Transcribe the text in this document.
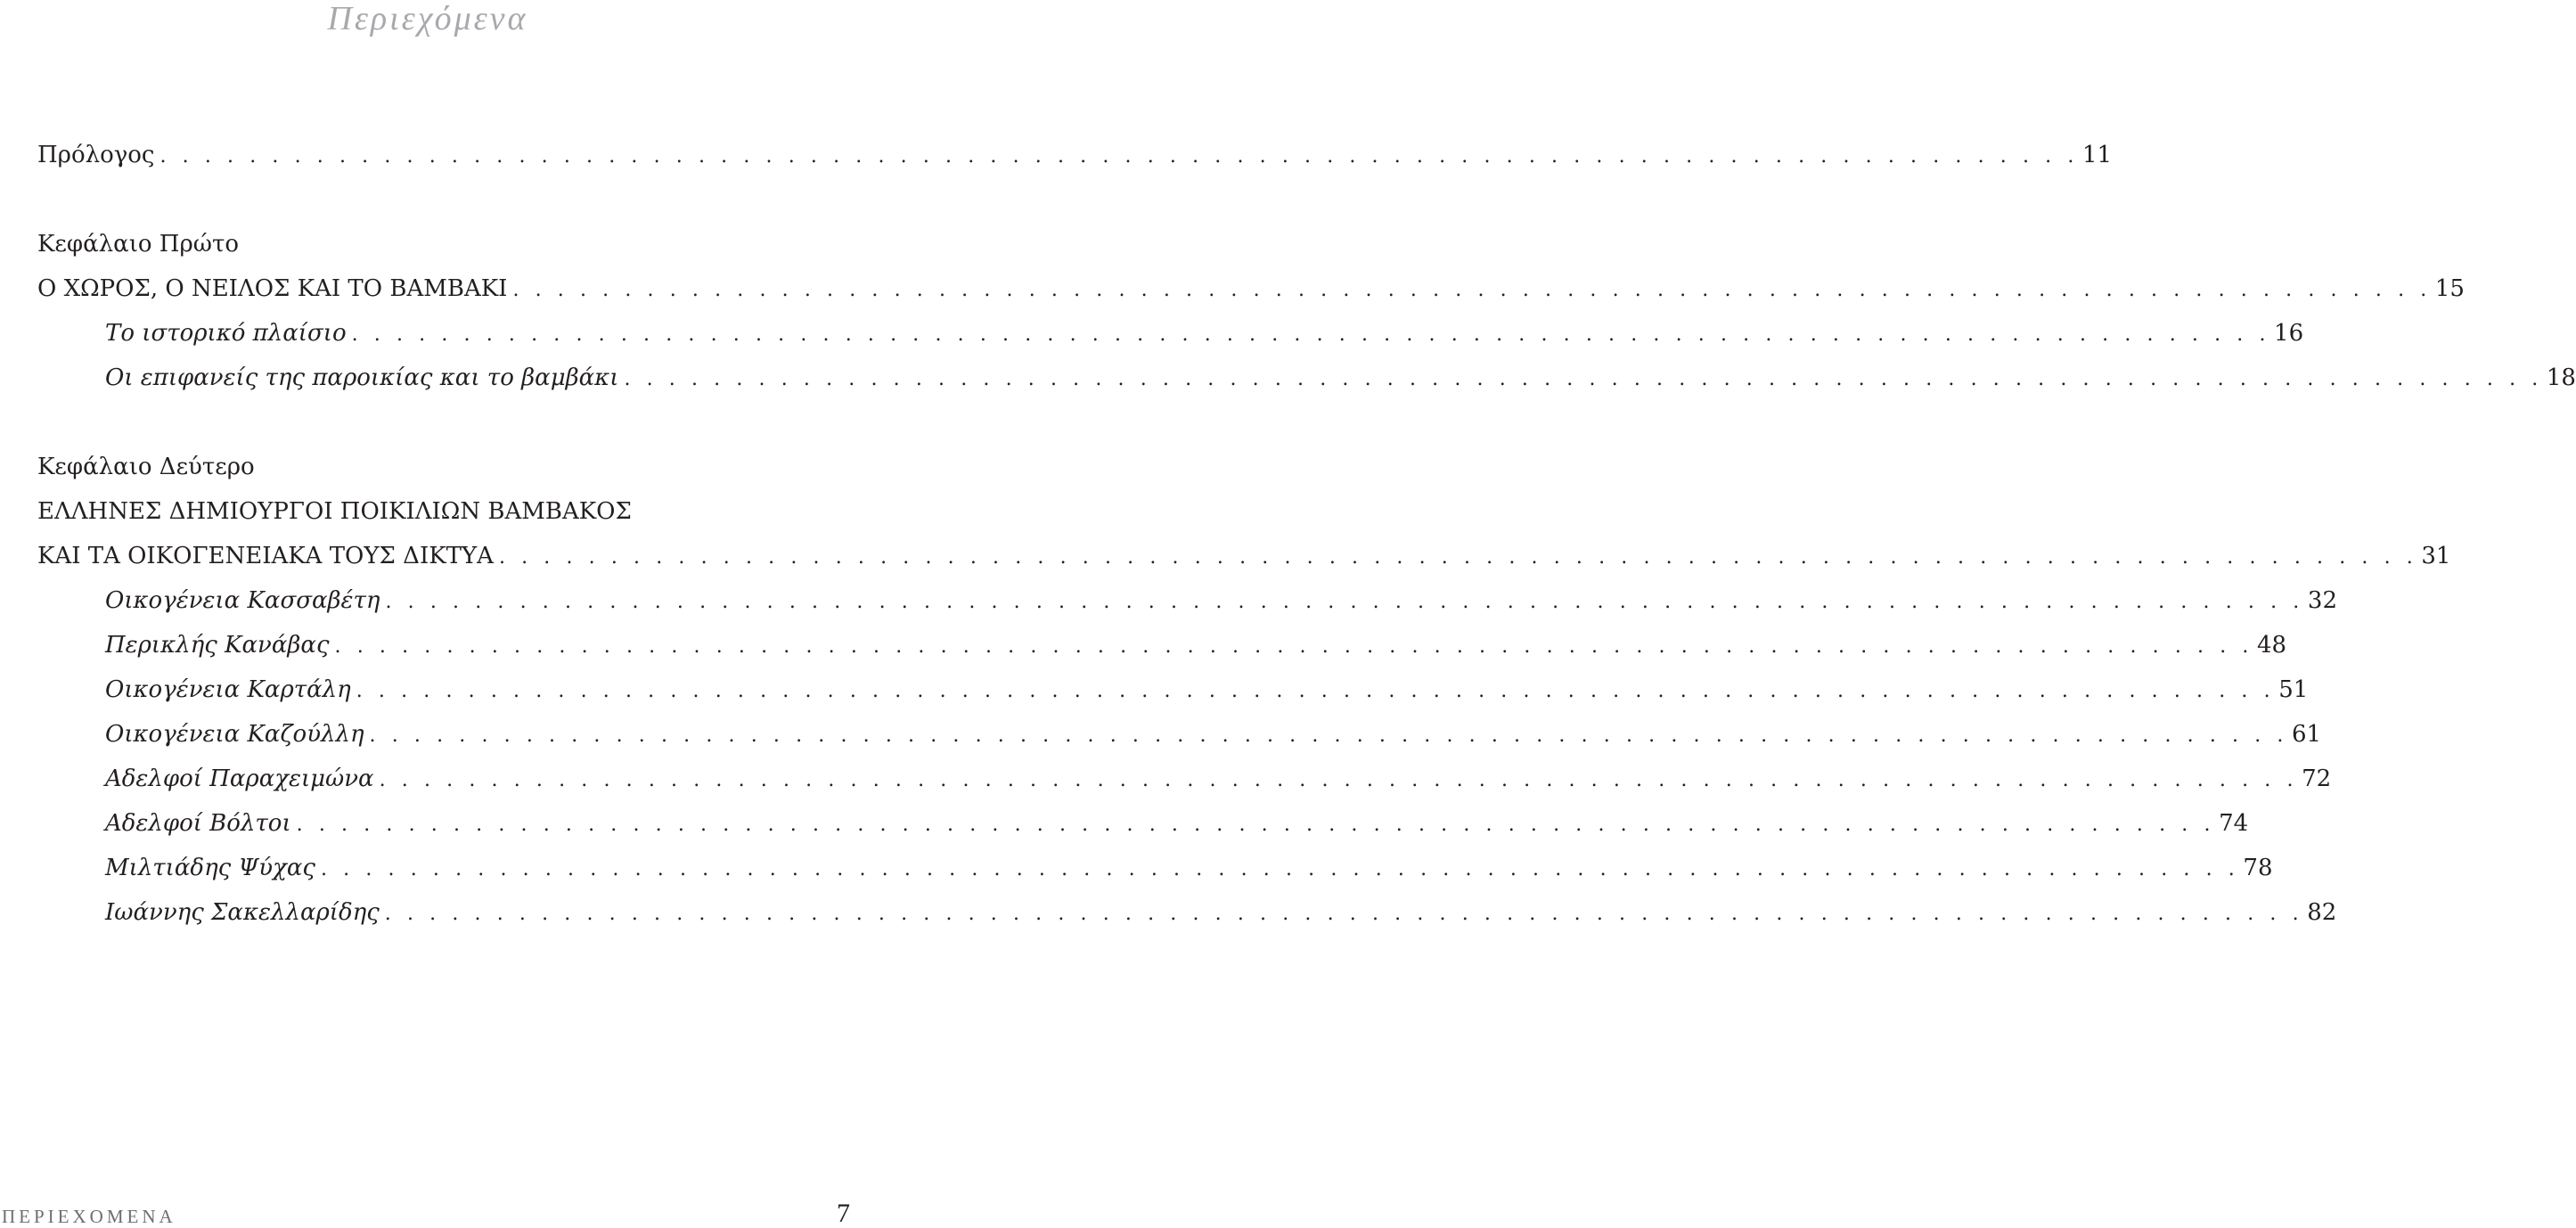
Περιεχόμενα
Πρόλογος . . . . . . . . . . . . . . . . . . . . . . . . . . . . . . . . . . . . . . . . . . . . . . . . . . . . . . . . . . . . . . . . . . . . . . . . . . . . . . . . . . . . . . 11
Κεφάλαιο Πρώτο
Ο ΧΩΡΟΣ, Ο ΝΕΙΛΟΣ ΚΑΙ ΤΟ ΒΑΜΒΑΚΙ . . . . . . . . . . . . . . . . . . . . . . . . . . . . . . . . . . . . . . . . . . . . . . . . . . . . . . . . . . . . . . . . . . . . . . . . . . . . . . . . . . . . . . 15
Το ιστορικό πλαίσιο . . . . . . . . . . . . . . . . . . . . . . . . . . . . . . . . . . . . . . . . . . . . . . . . . . . . . . . . . . . . . . . . . . . . . . . . . . . . . . . . . . . . . . 16
Οι επιφανείς της παροικίας και το βαμβάκι . . . . . . . . . . . . . . . . . . . . . . . . . . . . . . . . . . . . . . . . . . . . . . . . . . . . . . . . . . . . . . . . . . . . . . . . . . . . . . . . . . . . . . 18
Κεφάλαιο Δεύτερο
ΕΛΛΗΝΕΣ ΔΗΜΙΟΥΡΓΟΙ ΠΟΙΚΙΛΙΩΝ ΒΑΜΒΑΚΟΣ
ΚΑΙ ΤΑ ΟΙΚΟΓΕΝΕΙΑΚΑ ΤΟΥΣ ΔΙΚΤΥΑ . . . . . . . . . . . . . . . . . . . . . . . . . . . . . . . . . . . . . . . . . . . . . . . . . . . . . . . . . . . . . . . . . . . . . . . . . . . . . . . . . . . . . . 31
Οικογένεια Κασσαβέτη . . . . . . . . . . . . . . . . . . . . . . . . . . . . . . . . . . . . . . . . . . . . . . . . . . . . . . . . . . . . . . . . . . . . . . . . . . . . . . . . . . . . . . 32
Περικλής Κανάβας . . . . . . . . . . . . . . . . . . . . . . . . . . . . . . . . . . . . . . . . . . . . . . . . . . . . . . . . . . . . . . . . . . . . . . . . . . . . . . . . . . . . . . 48
Οικογένεια Καρτάλη . . . . . . . . . . . . . . . . . . . . . . . . . . . . . . . . . . . . . . . . . . . . . . . . . . . . . . . . . . . . . . . . . . . . . . . . . . . . . . . . . . . . . . 51
Οικογένεια Καζούλλη . . . . . . . . . . . . . . . . . . . . . . . . . . . . . . . . . . . . . . . . . . . . . . . . . . . . . . . . . . . . . . . . . . . . . . . . . . . . . . . . . . . . . . 61
Αδελφοί Παραχειμώνα . . . . . . . . . . . . . . . . . . . . . . . . . . . . . . . . . . . . . . . . . . . . . . . . . . . . . . . . . . . . . . . . . . . . . . . . . . . . . . . . . . . . . . 72
Αδελφοί Βόλτοι . . . . . . . . . . . . . . . . . . . . . . . . . . . . . . . . . . . . . . . . . . . . . . . . . . . . . . . . . . . . . . . . . . . . . . . . . . . . . . . . . . . . . . 74
Μιλτιάδης Ψύχας . . . . . . . . . . . . . . . . . . . . . . . . . . . . . . . . . . . . . . . . . . . . . . . . . . . . . . . . . . . . . . . . . . . . . . . . . . . . . . . . . . . . . . 78
Ιωάννης Σακελλαρίδης . . . . . . . . . . . . . . . . . . . . . . . . . . . . . . . . . . . . . . . . . . . . . . . . . . . . . . . . . . . . . . . . . . . . . . . . . . . . . . . . . . . . . . 82
ΠΕΡΙΕΧΟΜΕΝΑ	7
